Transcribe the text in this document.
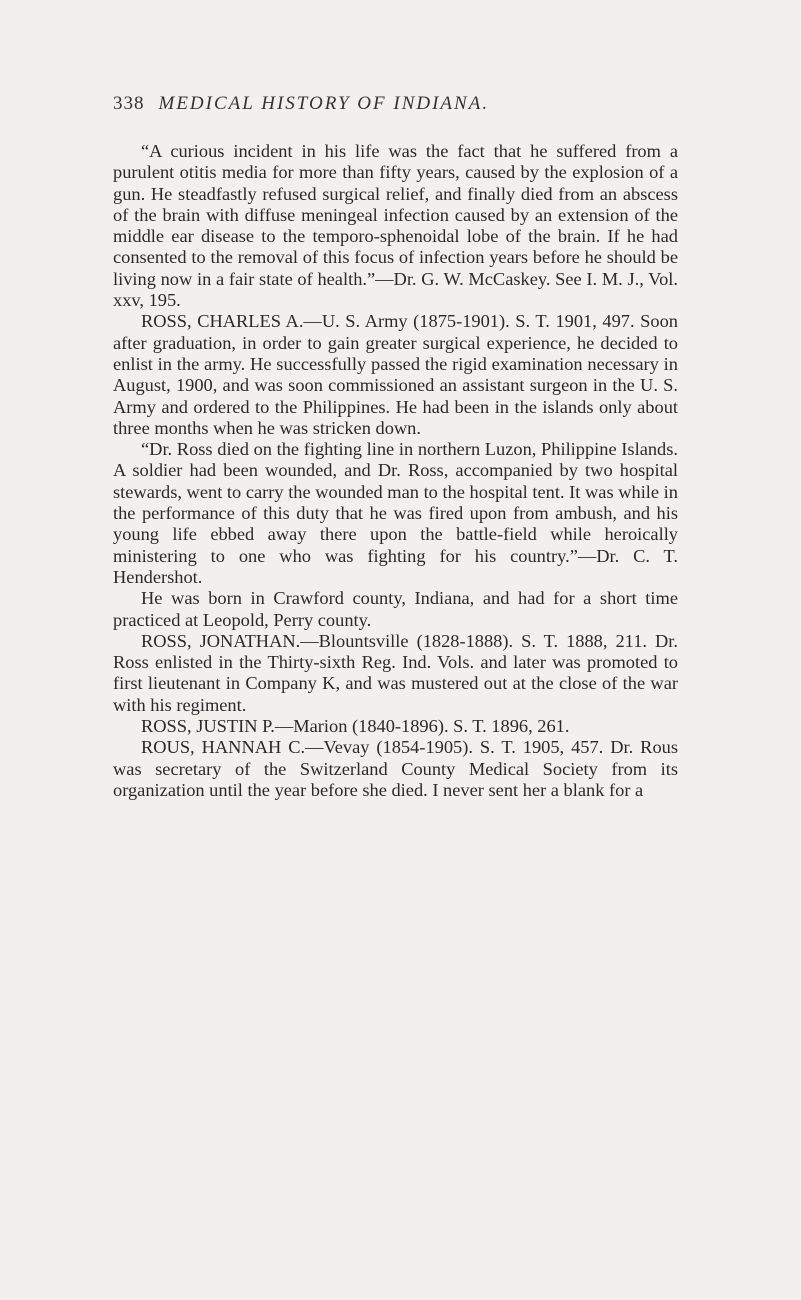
338 MEDICAL HISTORY OF INDIANA.

“A curious incident in his life was the fact that he suffered from a purulent otitis media for more than fifty years, caused by the explosion of a gun. He steadfastly refused surgical relief, and finally died from an abscess of the brain with diffuse meningeal infection caused by an extension of the middle ear disease to the temporo-sphenoidal lobe of the brain. If he had consented to the removal of this focus of infection years before he should be living now in a fair state of health.”—Dr. G. W. McCaskey. See I. M. J., Vol. xxv, 195.

ROSS, CHARLES A.—U. S. Army (1875-1901). S. T. 1901, 497. Soon after graduation, in order to gain greater surgical experience, he decided to enlist in the army. He successfully passed the rigid examination necessary in August, 1900, and was soon commissioned an assistant surgeon in the U. S. Army and ordered to the Philippines. He had been in the islands only about three months when he was stricken down.

“Dr. Ross died on the fighting line in northern Luzon, Philippine Islands. A soldier had been wounded, and Dr. Ross, accompanied by two hospital stewards, went to carry the wounded man to the hospital tent. It was while in the performance of this duty that he was fired upon from ambush, and his young life ebbed away there upon the battle-field while heroically ministering to one who was fighting for his country.”—Dr. C. T. Hendershot.

He was born in Crawford county, Indiana, and had for a short time practiced at Leopold, Perry county.

ROSS, JONATHAN.—Blountsville (1828-1888). S. T. 1888, 211. Dr. Ross enlisted in the Thirty-sixth Reg. Ind. Vols. and later was promoted to first lieutenant in Company K, and was mustered out at the close of the war with his regiment.

ROSS, JUSTIN P.—Marion (1840-1896). S. T. 1896, 261.

ROUS, HANNAH C.—Vevay (1854-1905). S. T. 1905, 457. Dr. Rous was secretary of the Switzerland County Medical Society from its organization until the year before she died. I never sent her a blank for a
